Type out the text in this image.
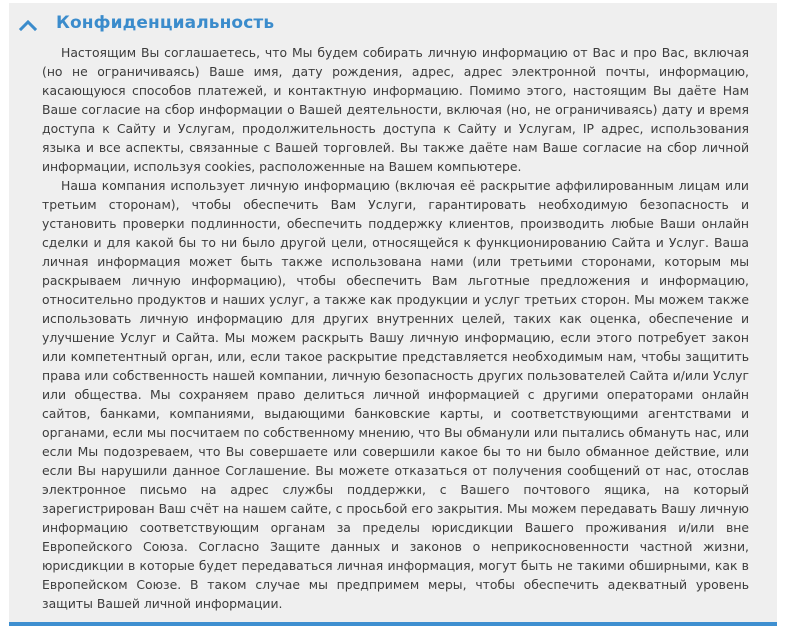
Конфиденциальность

Настоящим Вы соглашаетесь, что Мы будем собирать личную информацию от Вас и про Вас, включая (но не ограничиваясь) Ваше имя, дату рождения, адрес, адрес электронной почты, информацию, касающуюся способов платежей, и контактную информацию. Помимо этого, настоящим Вы даёте Нам Ваше согласие на сбор информации о Вашей деятельности, включая (но, не ограничиваясь) дату и время доступа к Сайту и Услугам, продолжительность доступа к Сайту и Услугам, IP адрес, использования языка и все аспекты, связанные с Вашей торговлей. Вы также даёте нам Ваше согласие на сбор личной информации, используя cookies, расположенные на Вашем компьютере.

Наша компания использует личную информацию (включая её раскрытие аффилированным лицам или третьим сторонам), чтобы обеспечить Вам Услуги, гарантировать необходимую безопасность и установить проверки подлинности, обеспечить поддержку клиентов, производить любые Ваши онлайн сделки и для какой бы то ни было другой цели, относящейся к функционированию Сайта и Услуг. Ваша личная информация может быть также использована нами (или третьими сторонами, которым мы раскрываем личную информацию), чтобы обеспечить Вам льготные предложения и информацию, относительно продуктов и наших услуг, а также как продукции и услуг третьих сторон. Мы можем также использовать личную информацию для других внутренних целей, таких как оценка, обеспечение и улучшение Услуг и Сайта. Мы можем раскрыть Вашу личную информацию, если этого потребует закон или компетентный орган, или, если такое раскрытие представляется необходимым нам, чтобы защитить права или собственность нашей компании, личную безопасность других пользователей Сайта и/или Услуг или общества. Мы сохраняем право делиться личной информацией с другими операторами онлайн сайтов, банками, компаниями, выдающими банковские карты, и соответствующими агентствами и органами, если мы посчитаем по собственному мнению, что Вы обманули или пытались обмануть нас, или если Мы подозреваем, что Вы совершаете или совершили какое бы то ни было обманное действие, или если Вы нарушили данное Соглашение. Вы можете отказаться от получения сообщений от нас, отослав электронное письмо на адрес службы поддержки, с Вашего почтового ящика, на который зарегистрирован Ваш счёт на нашем сайте, с просьбой его закрытия. Мы можем передавать Вашу личную информацию соответствующим органам за пределы юрисдикции Вашего проживания и/или вне Европейского Союза. Согласно Защите данных и законов о неприкосновенности частной жизни, юрисдикции в которые будет передаваться личная информация, могут быть не такими обширными, как в Европейском Союзе. В таком случае мы предпримем меры, чтобы обеспечить адекватный уровень защиты Вашей личной информации.
